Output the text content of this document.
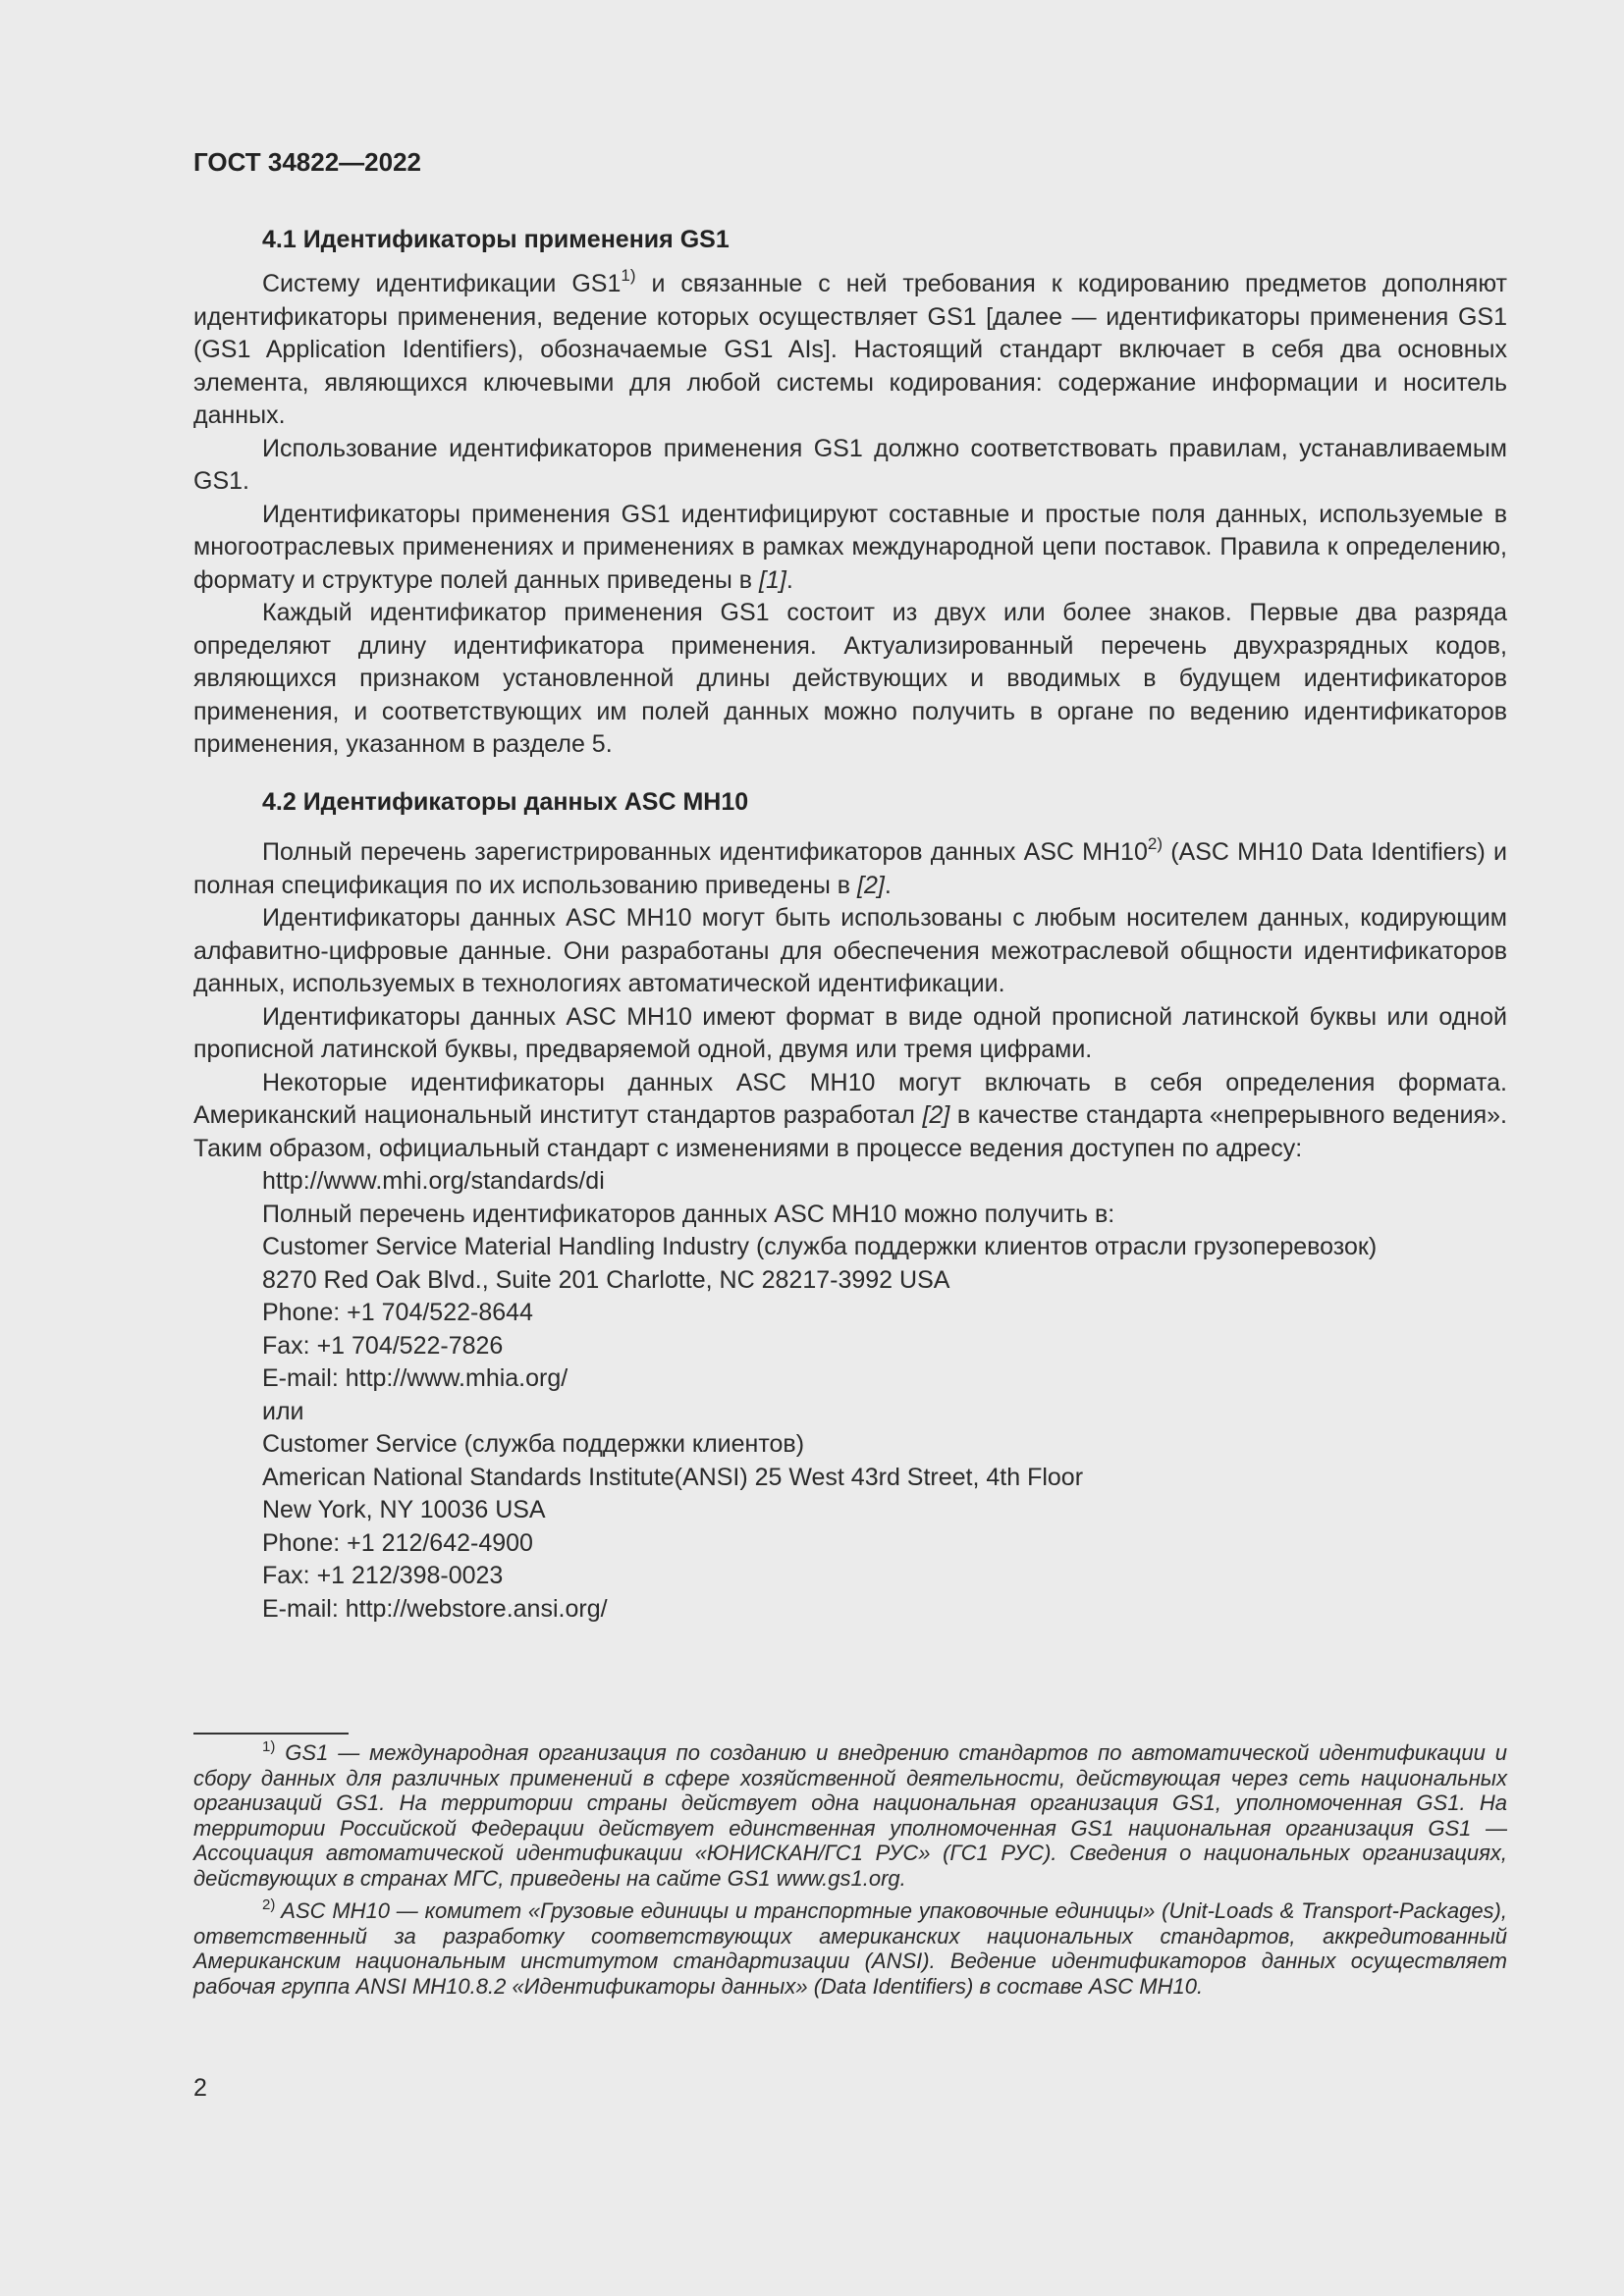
ГОСТ 34822—2022
4.1 Идентификаторы применения GS1

Систему идентификации GS1$^{1)}$ и связанные с ней требования к кодированию предметов дополняют идентификаторы применения, ведение которых осуществляет GS1 [далее — идентификаторы применения GS1 (GS1 Application Identifiers), обозначаемые GS1 AIs]. Настоящий стандарт включает в себя два основных элемента, являющихся ключевыми для любой системы кодирования: содержание информации и носитель данных.

Использование идентификаторов применения GS1 должно соответствовать правилам, устанавливаемым GS1.

Идентификаторы применения GS1 идентифицируют составные и простые поля данных, используемые в многоотраслевых применениях и применениях в рамках международной цепи поставок. Правила к определению, формату и структуре полей данных приведены в [1].

Каждый идентификатор применения GS1 состоит из двух или более знаков. Первые два разряда определяют длину идентификатора применения. Актуализированный перечень двухразрядных кодов, являющихся признаком установленной длины действующих и вводимых в будущем идентификаторов применения, и соответствующих им полей данных можно получить в органе по ведению идентификаторов применения, указанном в разделе 5.

4.2 Идентификаторы данных ASC MH10

Полный перечень зарегистрированных идентификаторов данных ASC MH10$^{2)}$ (ASC MH10 Data Identifiers) и полная спецификация по их использованию приведены в [2].

Идентификаторы данных ASC MH10 могут быть использованы с любым носителем данных, кодирующим алфавитно-цифровые данные. Они разработаны для обеспечения межотраслевой общности идентификаторов данных, используемых в технологиях автоматической идентификации.

Идентификаторы данных ASC MH10 имеют формат в виде одной прописной латинской буквы или одной прописной латинской буквы, предваряемой одной, двумя или тремя цифрами.

Некоторые идентификаторы данных ASC MH10 могут включать в себя определения формата. Американский национальный институт стандартов разработал [2] в качестве стандарта «непрерывного ведения». Таким образом, официальный стандарт с изменениями в процессе ведения доступен по адресу:

http://www.mhi.org/standards/di
Полный перечень идентификаторов данных ASC MH10 можно получить в:
Customer Service Material Handling Industry (служба поддержки клиентов отрасли грузоперевозок)
8270 Red Oak Blvd., Suite 201 Charlotte, NC 28217-3992 USA
Phone: +1 704/522-8644
Fax: +1 704/522-7826
E-mail: http://www.mhia.org/
или
Customer Service (служба поддержки клиентов)
American National Standards Institute(ANSI) 25 West 43rd Street, 4th Floor
New York, NY 10036 USA
Phone: +1 212/642-4900
Fax: +1 212/398-0023
E-mail: http://webstore.ansi.org/

$^{1)}$ GS1 — международная организация по созданию и внедрению стандартов по автоматической идентификации и сбору данных для различных применений в сфере хозяйственной деятельности, действующая через сеть национальных организаций GS1. На территории страны действует одна национальная организация GS1, уполномоченная GS1. На территории Российской Федерации действует единственная уполномоченная GS1 национальная организация GS1 — Ассоциация автоматической идентификации «ЮНИСКАН/ГС1 РУС» (ГС1 РУС). Сведения о национальных организациях, действующих в странах МГС, приведены на сайте GS1 www.gs1.org.

$^{2)}$ ASC MH10 — комитет «Грузовые единицы и транспортные упаковочные единицы» (Unit-Loads & Transport-Packages), ответственный за разработку соответствующих американских национальных стандартов, аккредитованный Американским национальным институтом стандартизации (ANSI). Ведение идентификаторов данных осуществляет рабочая группа ANSI MH10.8.2 «Идентификаторы данных» (Data Identifiers) в составе ASC MH10.

2
